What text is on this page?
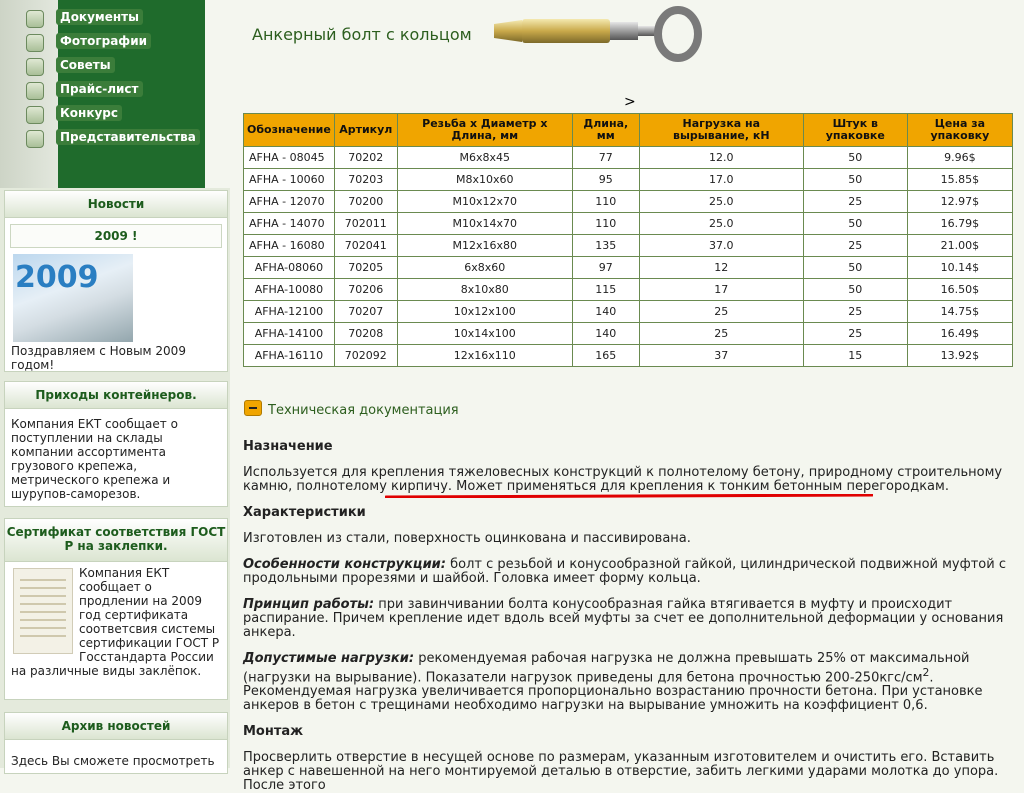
Документы
Фотографии
Советы
Прайс-лист
Конкурс
Представительства
Новости
2009 !
2009
Поздравляем с Новым 2009 годом!
Приходы контейнеров.
Компания ЕКТ сообщает о поступлении на склады компании ассортимента грузового крепежа, метрического крепежа и шурупов-саморезов.
Сертификат соответствия ГОСТ Р на заклепки.
Компания ЕКТ сообщает о продлении на 2009 год сертификата соответсвия системы сертификации ГОСТ Р Госстандарта России на различные виды заклёпок.
Архив новостей
Здесь Вы сможете просмотреть
Анкерный болт с кольцом
>
Обозначение	Артикул	Резьба х Диаметр х Длина, мм	Длина, мм	Нагрузка на вырывание, кН	Штук в упаковке	Цена за упаковку
AFHA - 08045	70202	M6x8x45	77	12.0	50	9.96$
AFHA - 10060	70203	M8x10x60	95	17.0	50	15.85$
AFHA - 12070	70200	M10x12x70	110	25.0	25	12.97$
AFHA - 14070	702011	M10x14x70	110	25.0	50	16.79$
AFHA - 16080	702041	M12x16x80	135	37.0	25	21.00$
AFHA-08060	70205	6x8x60	97	12	50	10.14$
AFHA-10080	70206	8x10x80	115	17	50	16.50$
AFHA-12100	70207	10x12x100	140	25	25	14.75$
AFHA-14100	70208	10x14x100	140	25	25	16.49$
AFHA-16110	702092	12x16x110	165	37	15	13.92$
Техническая документация
Назначение

Используется для крепления тяжеловесных конструкций к полнотелому бетону, природному строительному камню, полнотелому кирпичу. Может применяться для крепления к тонким бетонным перегородкам.

Характеристики

Изготовлен из стали, поверхность оцинкована и пассивирована.

Особенности конструкции: болт с резьбой и конусообразной гайкой, цилиндрической подвижной муфтой с продольными прорезями и шайбой. Головка имеет форму кольца.

Принцип работы: при завинчивании болта конусообразная гайка втягивается в муфту и происходит распирание. Причем крепление идет вдоль всей муфты за счет ее дополнительной деформации у основания анкера.

Допустимые нагрузки: рекомендуемая рабочая нагрузка не должна превышать 25% от максимальной (нагрузки на вырывание). Показатели нагрузок приведены для бетона прочностью $200-250кгс/см^2$. Рекомендуемая нагрузка увеличивается пропорционально возрастанию прочности бетона. При установке анкеров в бетон с трещинами необходимо нагрузки на вырывание умножить на коэффициент 0,6.

Монтаж

Просверлить отверстие в несущей основе по размерам, указанным изготовителем и очистить его. Вставить анкер с навешенной на него монтируемой деталью в отверстие, забить легкими ударами молотка до упора. После этого
